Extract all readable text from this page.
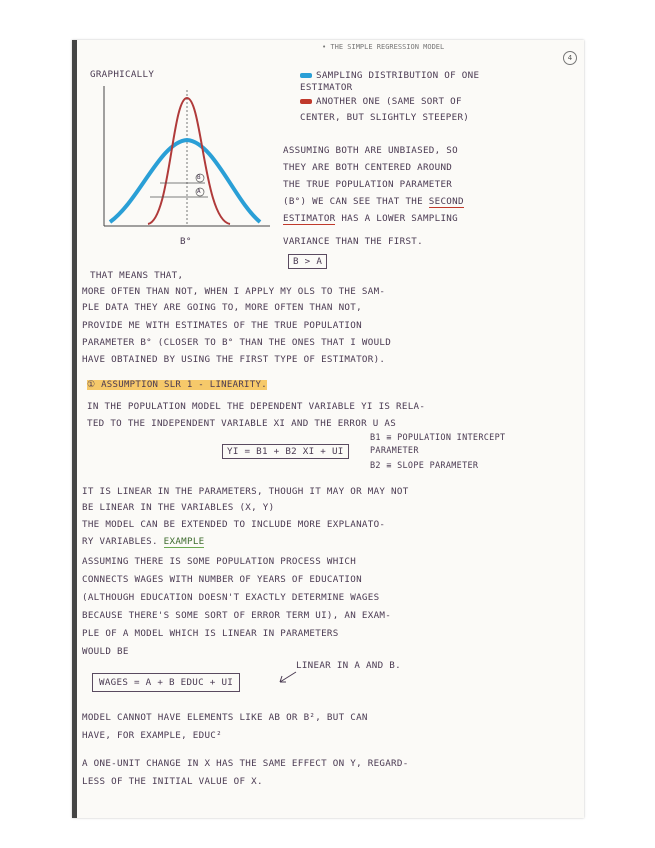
• THE SIMPLE REGRESSION MODEL
4
GRAPHICALLY
B
A
Β°
SAMPLING DISTRIBUTION OF ONE
ESTIMATOR
ANOTHER ONE (SAME SORT OF
CENTER, BUT SLIGHTLY STEEPER)
ASSUMING BOTH ARE UNBIASED, SO
THEY ARE BOTH CENTERED AROUND
THE TRUE POPULATION PARAMETER
(Β°) WE CAN SEE THAT THE SECOND
ESTIMATOR HAS A LOWER SAMPLING
VARIANCE THAN THE FIRST.
B > A
THAT MEANS THAT,
MORE OFTEN THAN NOT, WHEN I APPLY MY OLS TO THE SAM-
PLE DATA THEY ARE GOING TO, MORE OFTEN THAN NOT,
PROVIDE ME WITH ESTIMATES OF THE TRUE POPULATION
PARAMETER Β° (CLOSER TO Β° THAN THE ONES THAT I WOULD
HAVE OBTAINED BY USING THE FIRST TYPE OF ESTIMATOR).
① ASSUMPTION SLR 1 - LINEARITY.
IN THE POPULATION MODEL THE DEPENDENT VARIABLE YI IS RELA-
TED TO THE INDEPENDENT VARIABLE XI AND THE ERROR U AS
YI = Β1 + Β2 XI + UI
B1 ≡ POPULATION INTERCEPT
PARAMETER
B2 ≡ SLOPE PARAMETER
IT IS LINEAR IN THE PARAMETERS, THOUGH IT MAY OR MAY NOT
BE LINEAR IN THE VARIABLES (X, Y)
THE MODEL CAN BE EXTENDED TO INCLUDE MORE EXPLANATO-
RY VARIABLES. EXAMPLE
ASSUMING THERE IS SOME POPULATION PROCESS WHICH
CONNECTS WAGES WITH NUMBER OF YEARS OF EDUCATION
(ALTHOUGH EDUCATION DOESN'T EXACTLY DETERMINE WAGES
BECAUSE THERE'S SOME SORT OF ERROR TERM UI), AN EXAM-
PLE OF A MODEL WHICH IS LINEAR IN PARAMETERS
WOULD BE
WAGES = Α + Β EDUC + UI
LINEAR IN Α AND Β.
MODEL CANNOT HAVE ELEMENTS LIKE ΑΒ OR Β², BUT CAN
HAVE, FOR EXAMPLE, EDUC²
A ONE-UNIT CHANGE IN X HAS THE SAME EFFECT ON Y, REGARD-
LESS OF THE INITIAL VALUE OF X.
